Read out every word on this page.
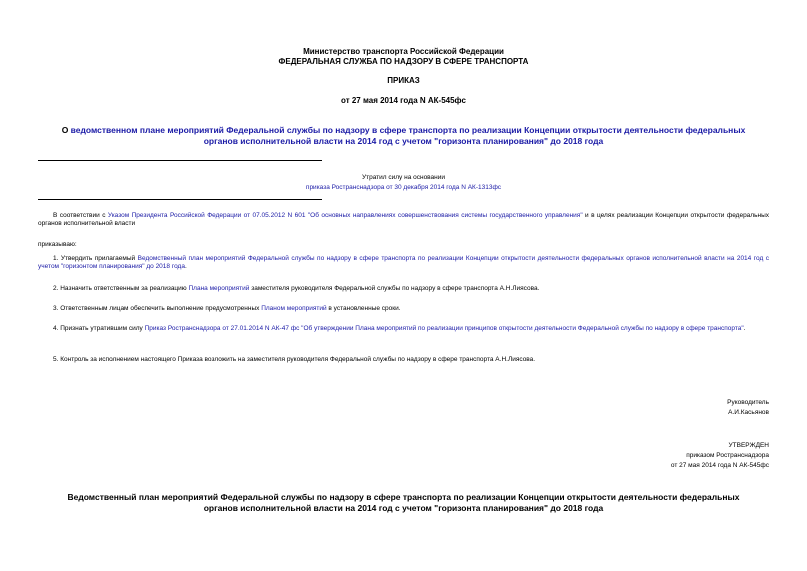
Министерство транспорта Российской Федерации
ФЕДЕРАЛЬНАЯ СЛУЖБА ПО НАДЗОРУ В СФЕРЕ ТРАНСПОРТА
ПРИКАЗ
от 27 мая 2014 года N АК-545фс
О ведомственном плане мероприятий Федеральной службы по надзору в сфере транспорта по реализации Концепции открытости деятельности федеральных органов исполнительной власти на 2014 год с учетом "горизонта планирования" до 2018 года
Утратил силу на основании
приказа Ространснадзора от 30 декабря 2014 года N АК-1313фс
В соответствии с Указом Президента Российской Федерации от 07.05.2012 N 601 "Об основных направлениях совершенствования системы государственного управления" и в целях реализации Концепции открытости федеральных органов исполнительной власти
приказываю:
1. Утвердить прилагаемый Ведомственный план мероприятий Федеральной службы по надзору в сфере транспорта по реализации Концепции открытости деятельности федеральных органов исполнительной власти на 2014 год с учетом "горизонтом планирования" до 2018 года.
2. Назначить ответственным за реализацию Плана мероприятий заместителя руководителя Федеральной службы по надзору в сфере транспорта А.Н.Лиясова.
3. Ответственным лицам обеспечить выполнение предусмотренных Планом мероприятий в установленные сроки.
4. Признать утратившим силу Приказ Ространснадзора от 27.01.2014 N АК-47 фс "Об утверждении Плана мероприятий по реализации принципов открытости деятельности Федеральной службы по надзору в сфере транспорта".
5. Контроль за исполнением настоящего Приказа возложить на заместителя руководителя Федеральной службы по надзору в сфере транспорта А.Н.Лиясова.
Руководитель
А.И.Касьянов
УТВЕРЖДЕН
приказом Ространснадзора
от 27 мая 2014 года N АК-545фс
Ведомственный план мероприятий Федеральной службы по надзору в сфере транспорта по реализации Концепции открытости деятельности федеральных органов исполнительной власти на 2014 год с учетом "горизонта планирования" до 2018 года
